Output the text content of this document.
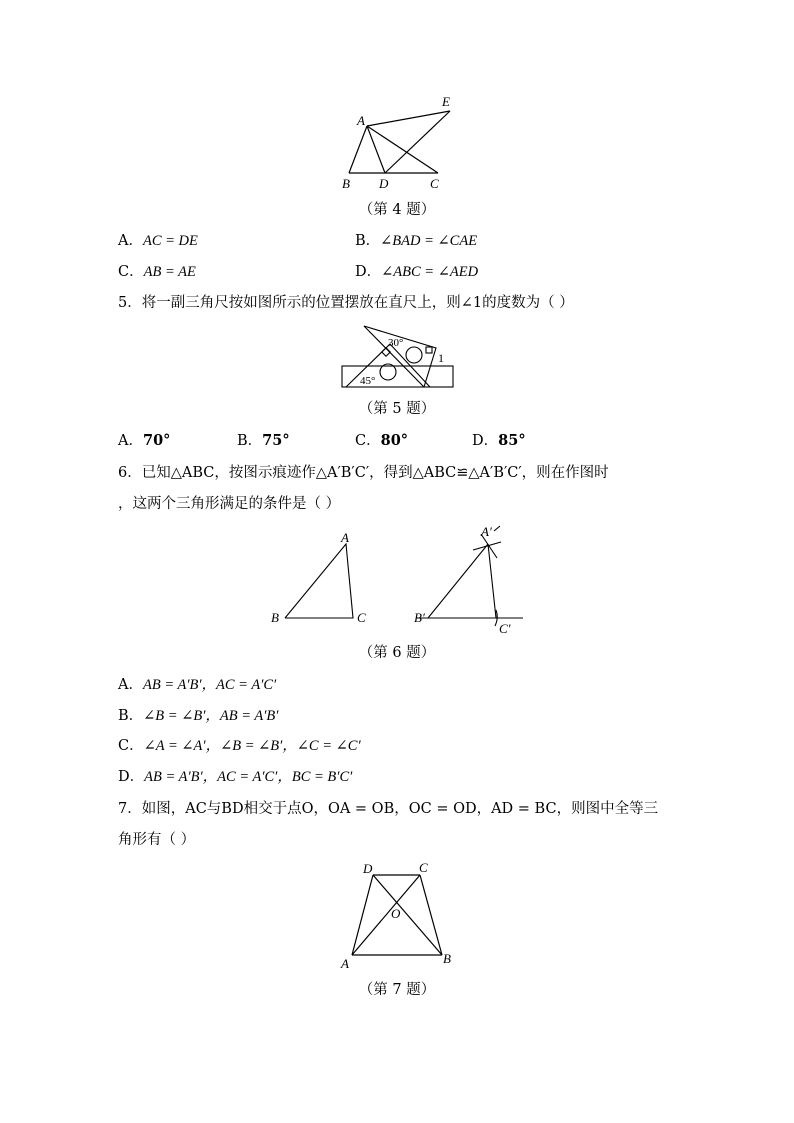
A
E
B D	C
（第 4 题）
A．AC = DE	B．∠BAD = ∠CAE
C．AB = AE	D．∠ABC = ∠AED
5．将一副三角尺按如图所示的位置摆放在直尺上，则∠1的度数为（ ）
30°
45°
1
（第 5 题）
A．70°	B．75°	C．80°	D．85°
6．已知△ABC，按图示痕迹作△A′B′C′，得到△ABC≌△A′B′C′，则在作图时
，这两个三角形满足的条件是（ ）
A
B	C
A′
B′
C′
（第 6 题）
A．AB = A′B′，AC = A′C′
B．∠B = ∠B′，AB = A′B′
C．∠A = ∠A′，∠B = ∠B′，∠C = ∠C′
D．AB = A′B′，AC = A′C′，BC = B′C′
7．如图，AC与BD相交于点O，OA = OB，OC = OD，AD = BC，则图中全等三
角形有（ ）
D	C
O
A	B
（第 7 题）
